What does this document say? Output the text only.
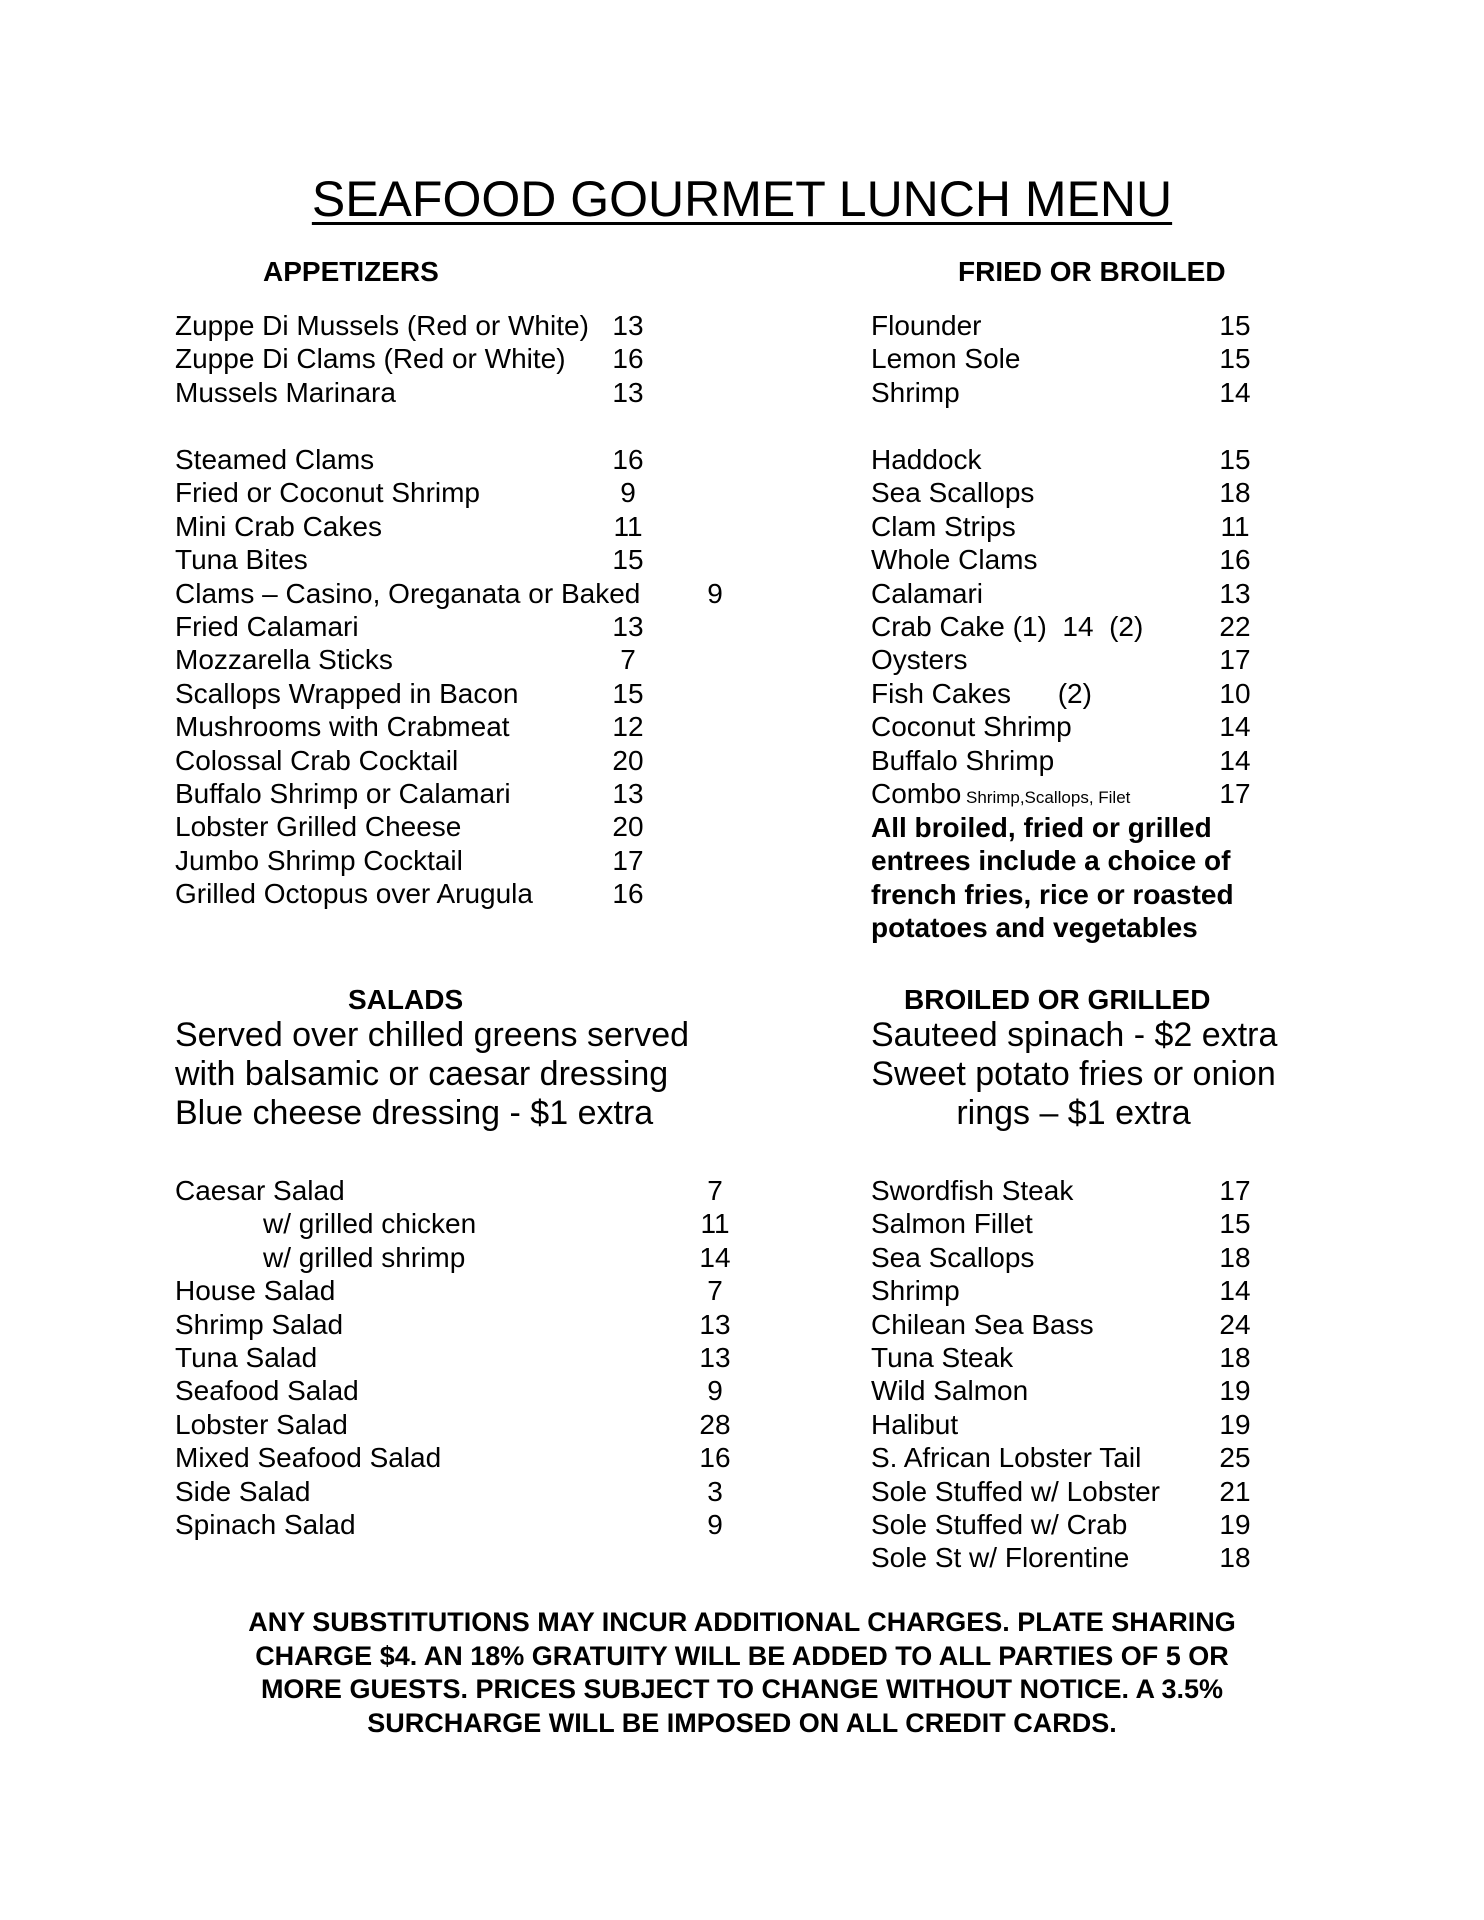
SEAFOOD GOURMET LUNCH MENU
APPETIZERS
Zuppe Di Mussels (Red or White) 13
Zuppe Di Clams (Red or White) 16
Mussels Marinara	13
Steamed Clams	16
Fried or Coconut Shrimp	9
Mini Crab Cakes	11
Tuna Bites	15
Clams – Casino, Oreganata or Baked	9
Fried Calamari	13
Mozzarella Sticks	7
Scallops Wrapped in Bacon	15
Mushrooms with Crabmeat	12
Colossal Crab Cocktail	20
Buffalo Shrimp or Calamari	13
Lobster Grilled Cheese	20
Jumbo Shrimp Cocktail	17
Grilled Octopus over Arugula	16
FRIED OR BROILED
Flounder	15
Lemon Sole	15
Shrimp	14
Haddock	15
Sea Scallops	18
Clam Strips	11
Whole Clams	16
Calamari	13
Crab Cake (1)  14  (2)	22
Oysters	17
Fish Cakes      (2)	10
Coconut Shrimp	14
Buffalo Shrimp	14
Combo Shrimp,Scallops, Filet	17
All broiled, fried or grilled
entrees include a choice of
french fries, rice or roasted
potatoes and vegetables
SALADS
Served over chilled greens served
with balsamic or caesar dressing
Blue cheese dressing - $1 extra
Caesar Salad	7
w/ grilled chicken	11
w/ grilled shrimp	14
House Salad	7
Shrimp Salad	13
Tuna Salad	13
Seafood Salad	9
Lobster Salad	28
Mixed Seafood Salad	16
Side Salad	3
Spinach Salad	9
BROILED OR GRILLED
Sauteed spinach - $2 extra
Sweet potato fries or onion
rings – $1 extra
Swordfish Steak	17
Salmon Fillet	15
Sea Scallops	18
Shrimp	14
Chilean Sea Bass	24
Tuna Steak	18
Wild Salmon	19
Halibut	19
S. African Lobster Tail	25
Sole Stuffed w/ Lobster 21
Sole Stuffed w/ Crab	19
Sole St w/ Florentine	18
ANY SUBSTITUTIONS MAY INCUR ADDITIONAL CHARGES. PLATE SHARING
CHARGE $4. AN 18% GRATUITY WILL BE ADDED TO ALL PARTIES OF 5 OR
MORE GUESTS. PRICES SUBJECT TO CHANGE WITHOUT NOTICE. A 3.5%
SURCHARGE WILL BE IMPOSED ON ALL CREDIT CARDS.
